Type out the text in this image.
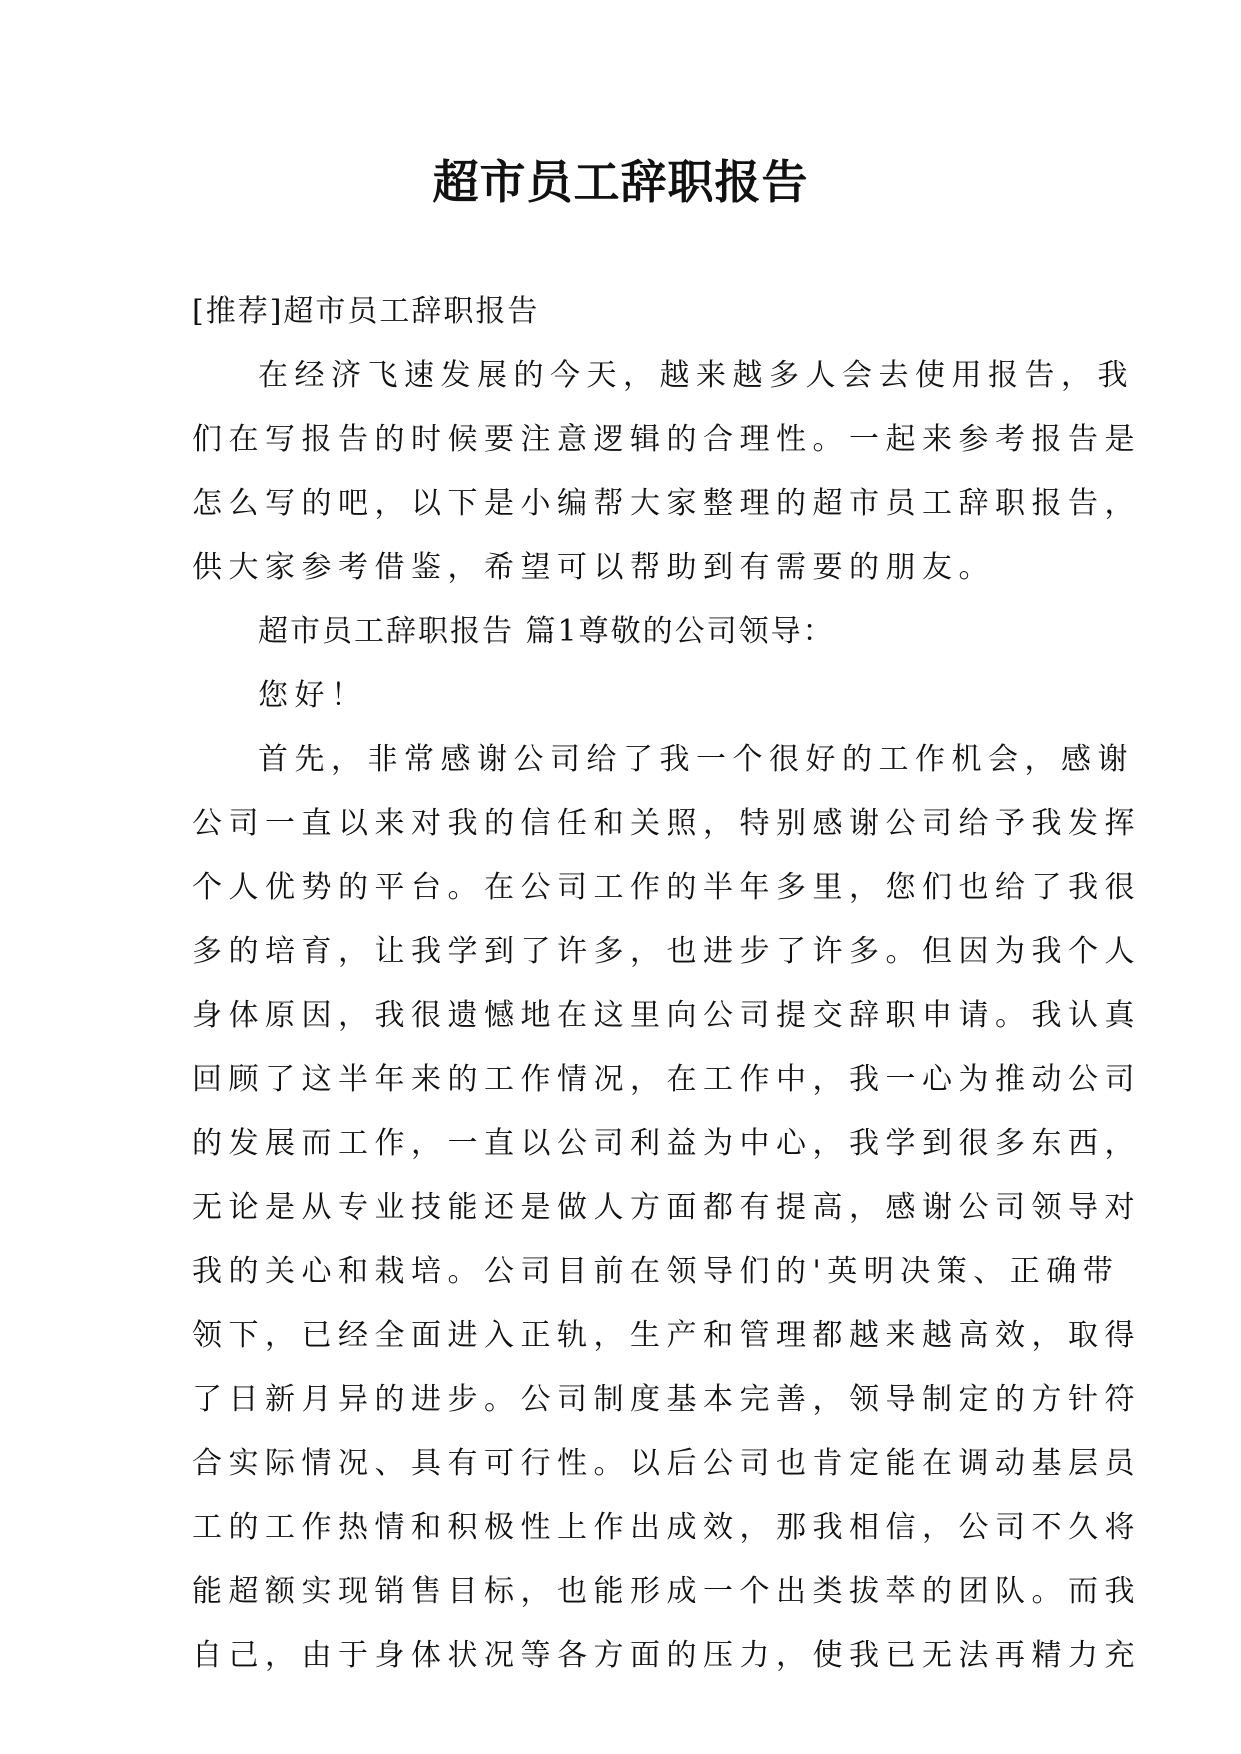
超市员工辞职报告
[推荐]超市员工辞职报告
在经济飞速发展的今天，越来越多人会去使用报告，我
们在写报告的时候要注意逻辑的合理性。一起来参考报告是
怎么写的吧，以下是小编帮大家整理的超市员工辞职报告，
供大家参考借鉴，希望可以帮助到有需要的朋友。
超市员工辞职报告 篇1尊敬的公司领导：
您好！
首先，非常感谢公司给了我一个很好的工作机会，感谢
公司一直以来对我的信任和关照，特别感谢公司给予我发挥
个人优势的平台。在公司工作的半年多里，您们也给了我很
多的培育，让我学到了许多，也进步了许多。但因为我个人
身体原因，我很遗憾地在这里向公司提交辞职申请。我认真
回顾了这半年来的工作情况，在工作中，我一心为推动公司
的发展而工作，一直以公司利益为中心，我学到很多东西，
无论是从专业技能还是做人方面都有提高，感谢公司领导对
我的关心和栽培。公司目前在领导们的'英明决策、正确带
领下，已经全面进入正轨，生产和管理都越来越高效，取得
了日新月异的进步。公司制度基本完善，领导制定的方针符
合实际情况、具有可行性。以后公司也肯定能在调动基层员
工的工作热情和积极性上作出成效，那我相信，公司不久将
能超额实现销售目标，也能形成一个出类拔萃的团队。而我
自己，由于身体状况等各方面的压力，使我已无法再精力充
